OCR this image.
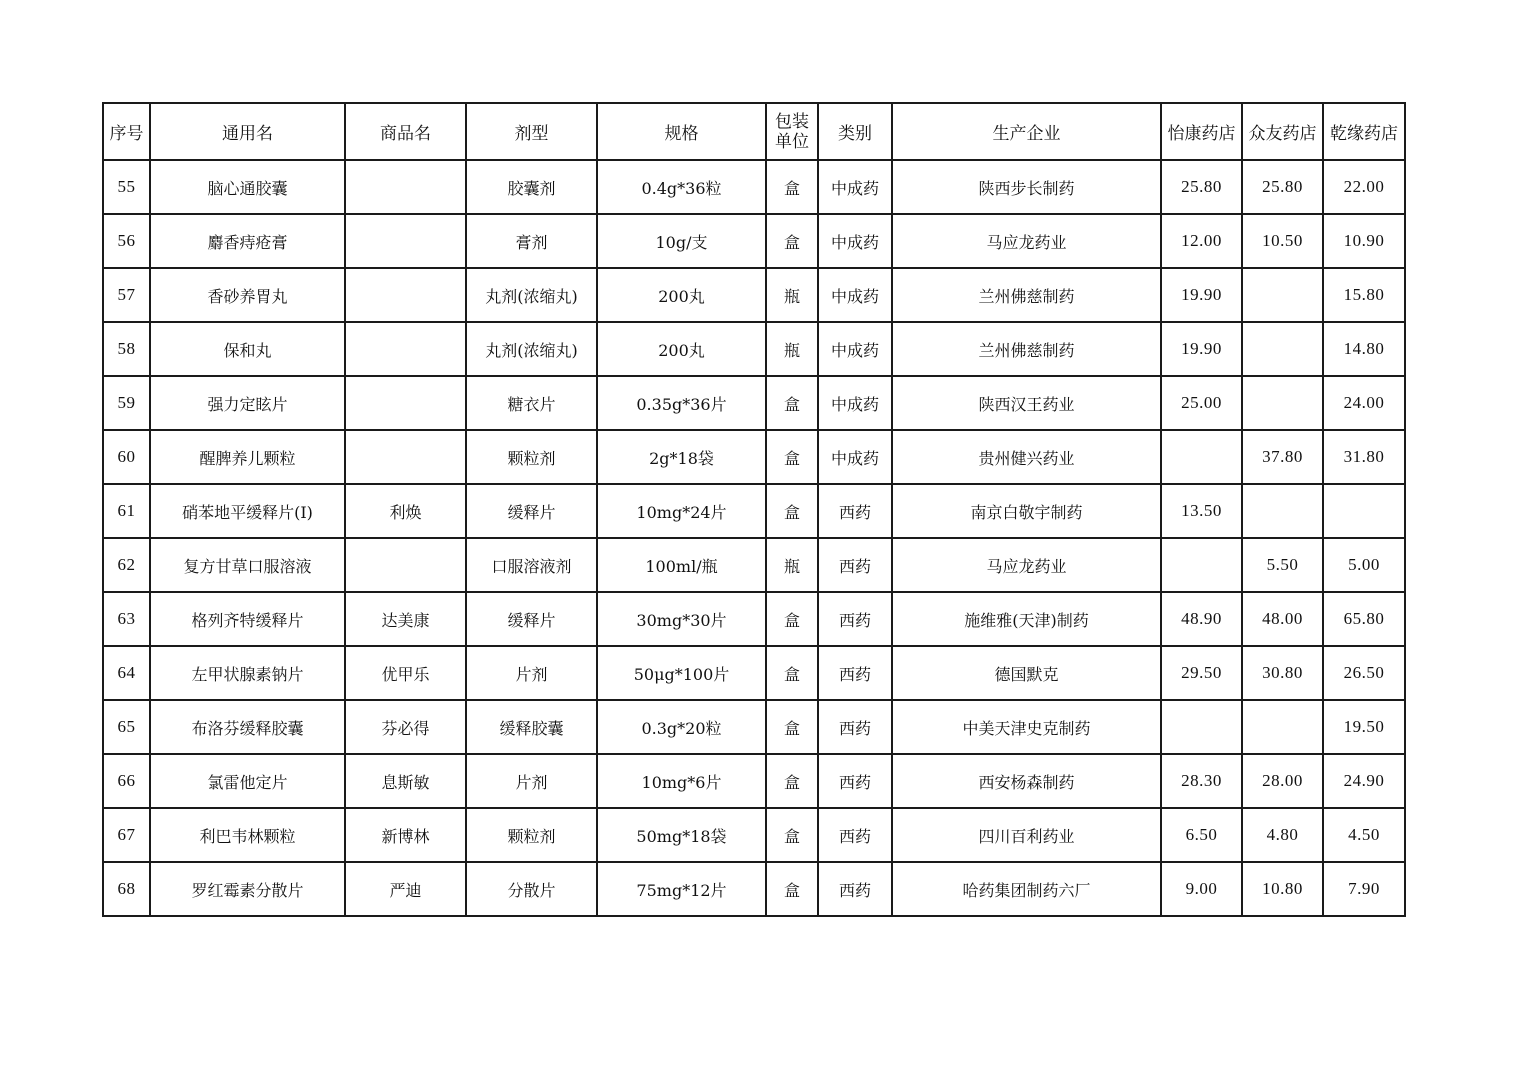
序号	通用名	商品名	剂型	规格	包装单位	类别	生产企业	怡康药店	众友药店	乾缘药店
55	脑心通胶囊		胶囊剂	0.4g*36粒	盒	中成药	陕西步长制药	25.80	25.80	22.00
56	麝香痔疮膏		膏剂	10g/支	盒	中成药	马应龙药业	12.00	10.50	10.90
57	香砂养胃丸		丸剂(浓缩丸)	200丸	瓶	中成药	兰州佛慈制药	19.90		15.80
58	保和丸		丸剂(浓缩丸)	200丸	瓶	中成药	兰州佛慈制药	19.90		14.80
59	强力定眩片		糖衣片	0.35g*36片	盒	中成药	陕西汉王药业	25.00		24.00
60	醒脾养儿颗粒		颗粒剂	2g*18袋	盒	中成药	贵州健兴药业		37.80	31.80
61	硝苯地平缓释片(Ⅰ)	利焕	缓释片	10mg*24片	盒	西药	南京白敬宇制药	13.50		
62	复方甘草口服溶液		口服溶液剂	100ml/瓶	瓶	西药	马应龙药业		5.50	5.00
63	格列齐特缓释片	达美康	缓释片	30mg*30片	盒	西药	施维雅(天津)制药	48.90	48.00	65.80
64	左甲状腺素钠片	优甲乐	片剂	50μg*100片	盒	西药	德国默克	29.50	30.80	26.50
65	布洛芬缓释胶囊	芬必得	缓释胶囊	0.3g*20粒	盒	西药	中美天津史克制药			19.50
66	氯雷他定片	息斯敏	片剂	10mg*6片	盒	西药	西安杨森制药	28.30	28.00	24.90
67	利巴韦林颗粒	新博林	颗粒剂	50mg*18袋	盒	西药	四川百利药业	6.50	4.80	4.50
68	罗红霉素分散片	严迪	分散片	75mg*12片	盒	西药	哈药集团制药六厂	9.00	10.80	7.90
